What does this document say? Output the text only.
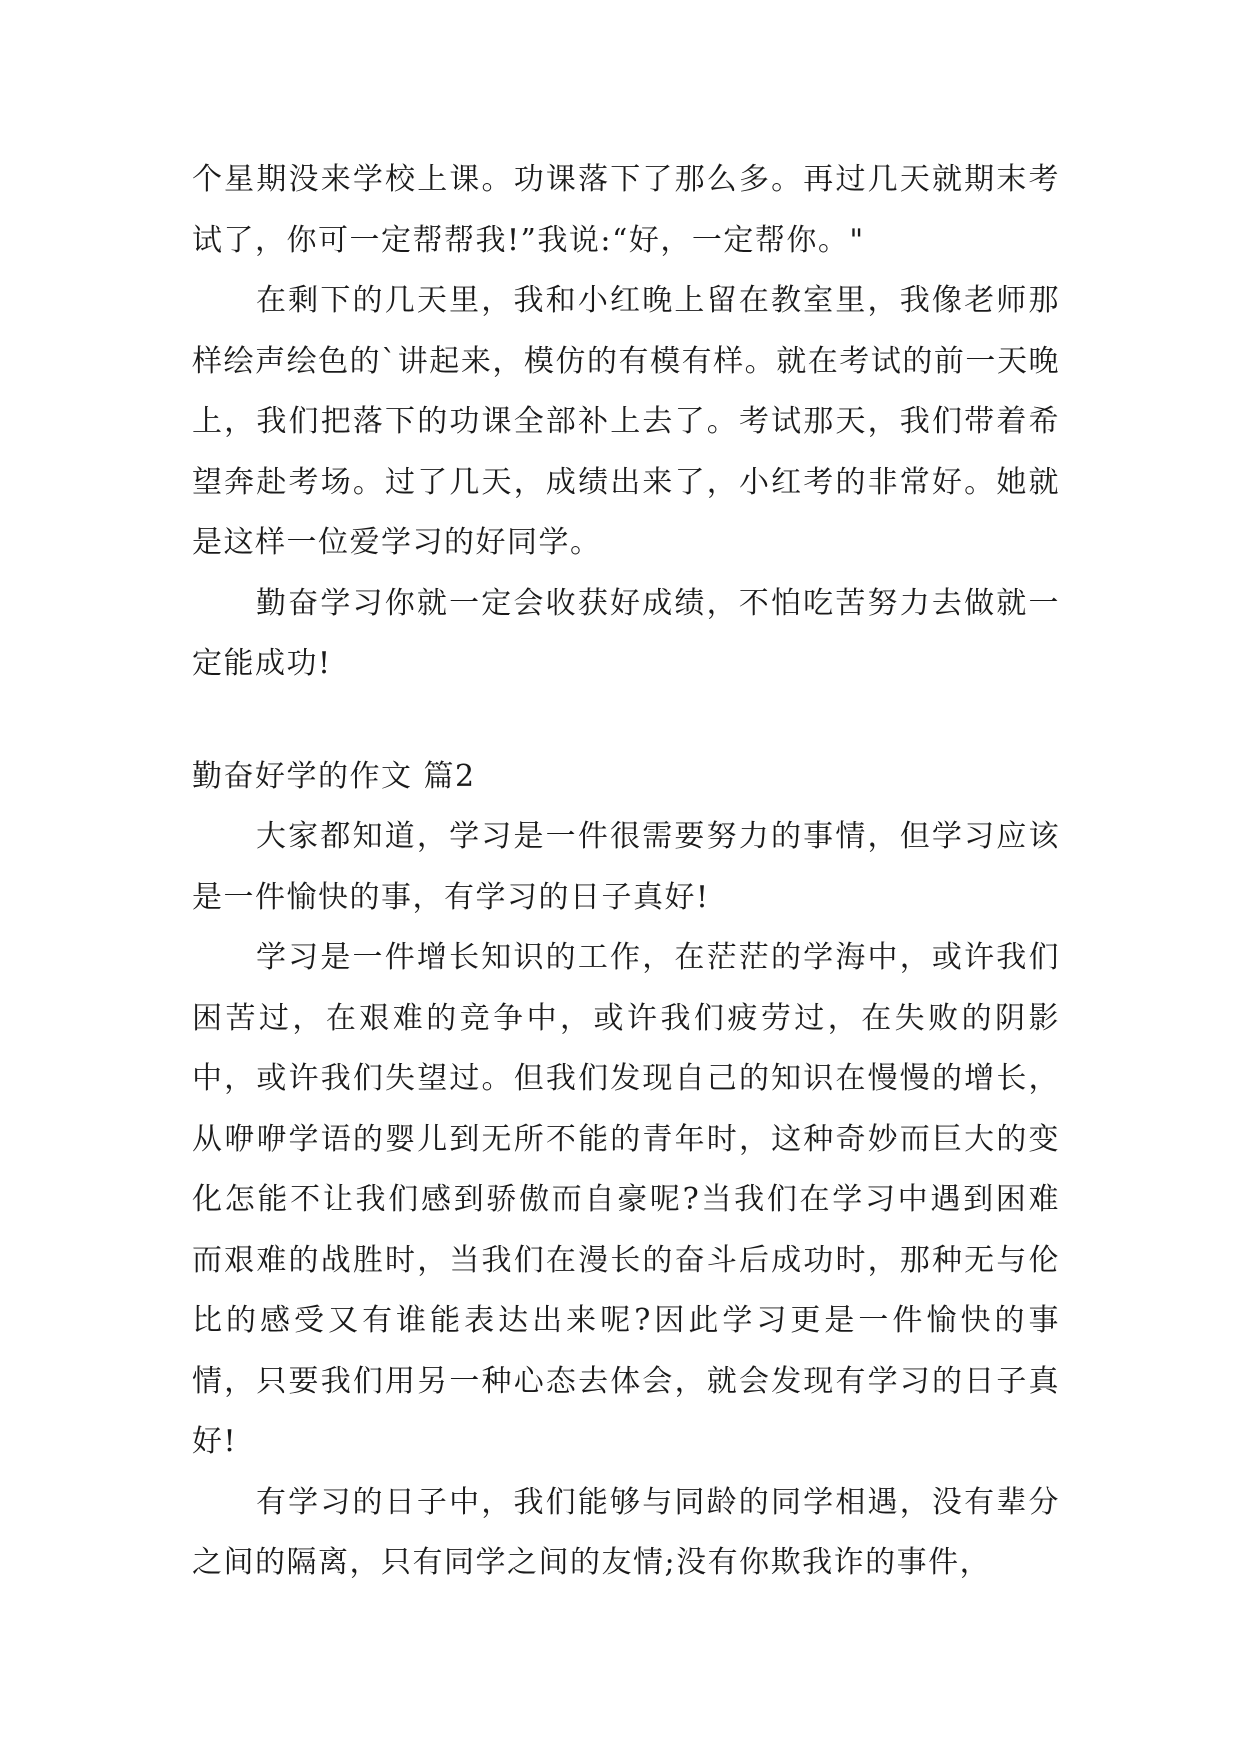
个星期没来学校上课。功课落下了那么多。再过几天就期末考试了，你可一定帮帮我!”我说:“好，一定帮你。"

在剩下的几天里，我和小红晚上留在教室里，我像老师那样绘声绘色的`讲起来，模仿的有模有样。就在考试的前一天晚上，我们把落下的功课全部补上去了。考试那天，我们带着希望奔赴考场。过了几天，成绩出来了，小红考的非常好。她就是这样一位爱学习的好同学。

勤奋学习你就一定会收获好成绩，不怕吃苦努力去做就一定能成功!

勤奋好学的作文 篇2

大家都知道，学习是一件很需要努力的事情，但学习应该是一件愉快的事，有学习的日子真好!

学习是一件增长知识的工作，在茫茫的学海中，或许我们困苦过，在艰难的竞争中，或许我们疲劳过，在失败的阴影中，或许我们失望过。但我们发现自己的知识在慢慢的增长，从咿咿学语的婴儿到无所不能的青年时，这种奇妙而巨大的变化怎能不让我们感到骄傲而自豪呢?当我们在学习中遇到困难而艰难的战胜时，当我们在漫长的奋斗后成功时，那种无与伦比的感受又有谁能表达出来呢?因此学习更是一件愉快的事情，只要我们用另一种心态去体会，就会发现有学习的日子真好!

有学习的日子中，我们能够与同龄的同学相遇，没有辈分之间的隔离，只有同学之间的友情;没有你欺我诈的事件，
